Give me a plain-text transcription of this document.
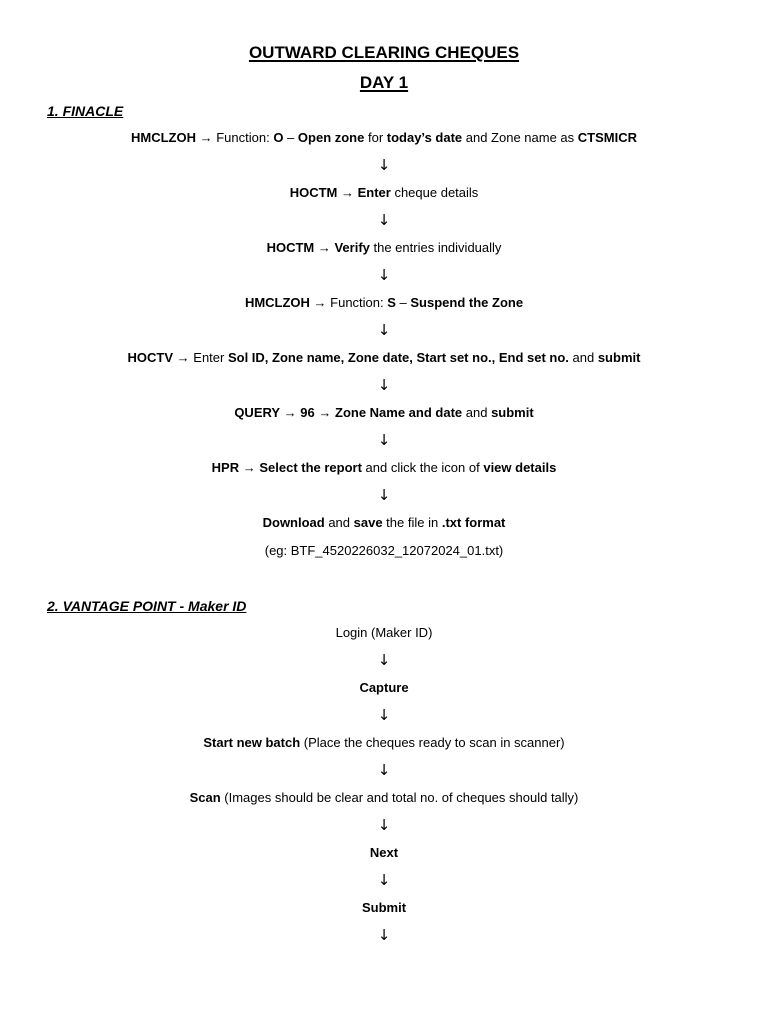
OUTWARD CLEARING CHEQUES
DAY 1
1. FINACLE
HMCLZOH → Function: O – Open zone for today’s date and Zone name as CTSMICR
↓
HOCTM → Enter cheque details
↓
HOCTM → Verify the entries individually
↓
HMCLZOH → Function: S – Suspend the Zone
↓
HOCTV → Enter Sol ID, Zone name, Zone date, Start set no., End set no. and submit
↓
QUERY → 96 → Zone Name and date and submit
↓
HPR → Select the report and click the icon of view details
↓
Download and save the file in .txt format
(eg: BTF_4520226032_12072024_01.txt)
2. VANTAGE POINT - Maker ID
Login (Maker ID)
↓
Capture
↓
Start new batch (Place the cheques ready to scan in scanner)
↓
Scan (Images should be clear and total no. of cheques should tally)
↓
Next
↓
Submit
↓
